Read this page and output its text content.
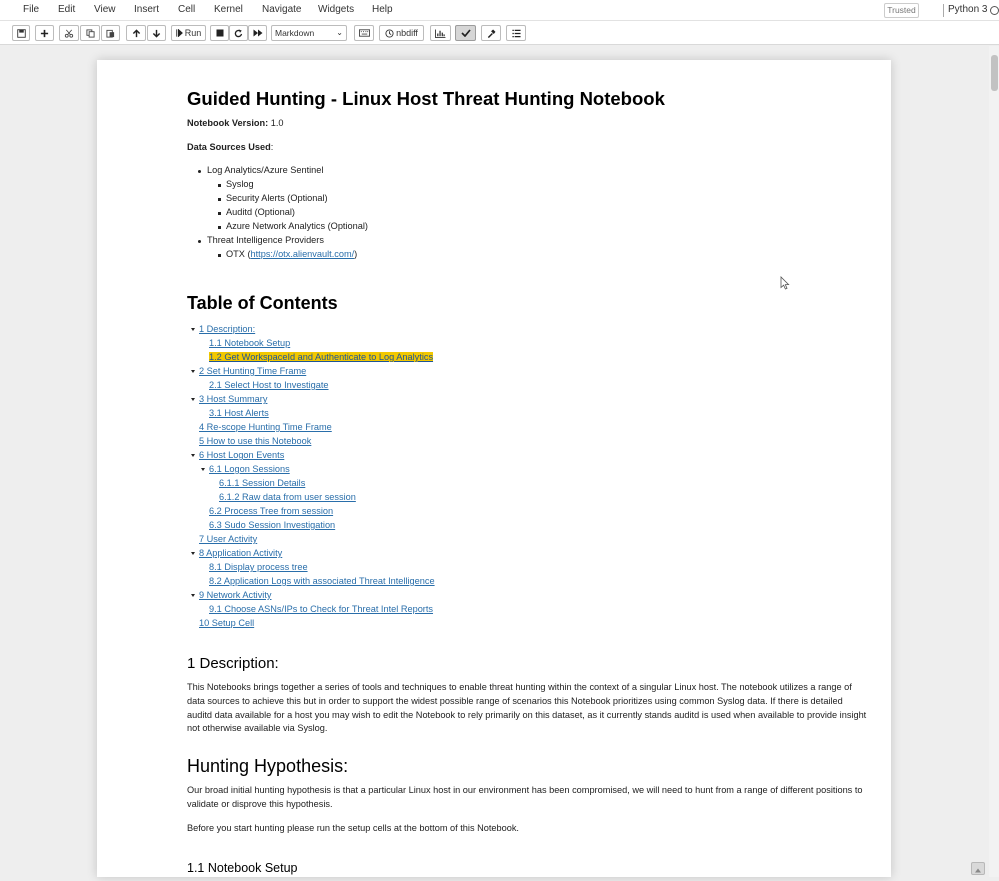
File Edit View Insert Cell Kernel Navigate Widgets Help	Trusted	Python 3
Run	Markdown	⌄	nbdiff
Guided Hunting - Linux Host Threat Hunting Notebook
Notebook Version: 1.0
Data Sources Used:
Log Analytics/Azure Sentinel
Syslog
Security Alerts (Optional)
Auditd (Optional)
Azure Network Analytics (Optional)
Threat Intelligence Providers
OTX (https://otx.alienvault.com/)
Table of Contents
1 Description:
1.1 Notebook Setup
1.2 Get WorkspaceId and Authenticate to Log Analytics
2 Set Hunting Time Frame
2.1 Select Host to Investigate
3 Host Summary
3.1 Host Alerts
4 Re-scope Hunting Time Frame
5 How to use this Notebook
6 Host Logon Events
6.1 Logon Sessions
6.1.1 Session Details
6.1.2 Raw data from user session
6.2 Process Tree from session
6.3 Sudo Session Investigation
7 User Activity
8 Application Activity
8.1 Display process tree
8.2 Application Logs with associated Threat Intelligence
9 Network Activity
9.1 Choose ASNs/IPs to Check for Threat Intel Reports
10 Setup Cell
1 Description:
This Notebooks brings together a series of tools and techniques to enable threat hunting within the context of a singular Linux host. The notebook utilizes a range of data sources to achieve this but in order to support the widest possible range of scenarios this Notebook prioritizes using common Syslog data. If there is detailed auditd data available for a host you may wish to edit the Notebook to rely primarily on this dataset, as it currently stands auditd is used when available to provide insight not otherwise available via Syslog.
Hunting Hypothesis:
Our broad initial hunting hypothesis is that a particular Linux host in our environment has been compromised, we will need to hunt from a range of different positions to validate or disprove this hypothesis.
Before you start hunting please run the setup cells at the bottom of this Notebook.
1.1 Notebook Setup
